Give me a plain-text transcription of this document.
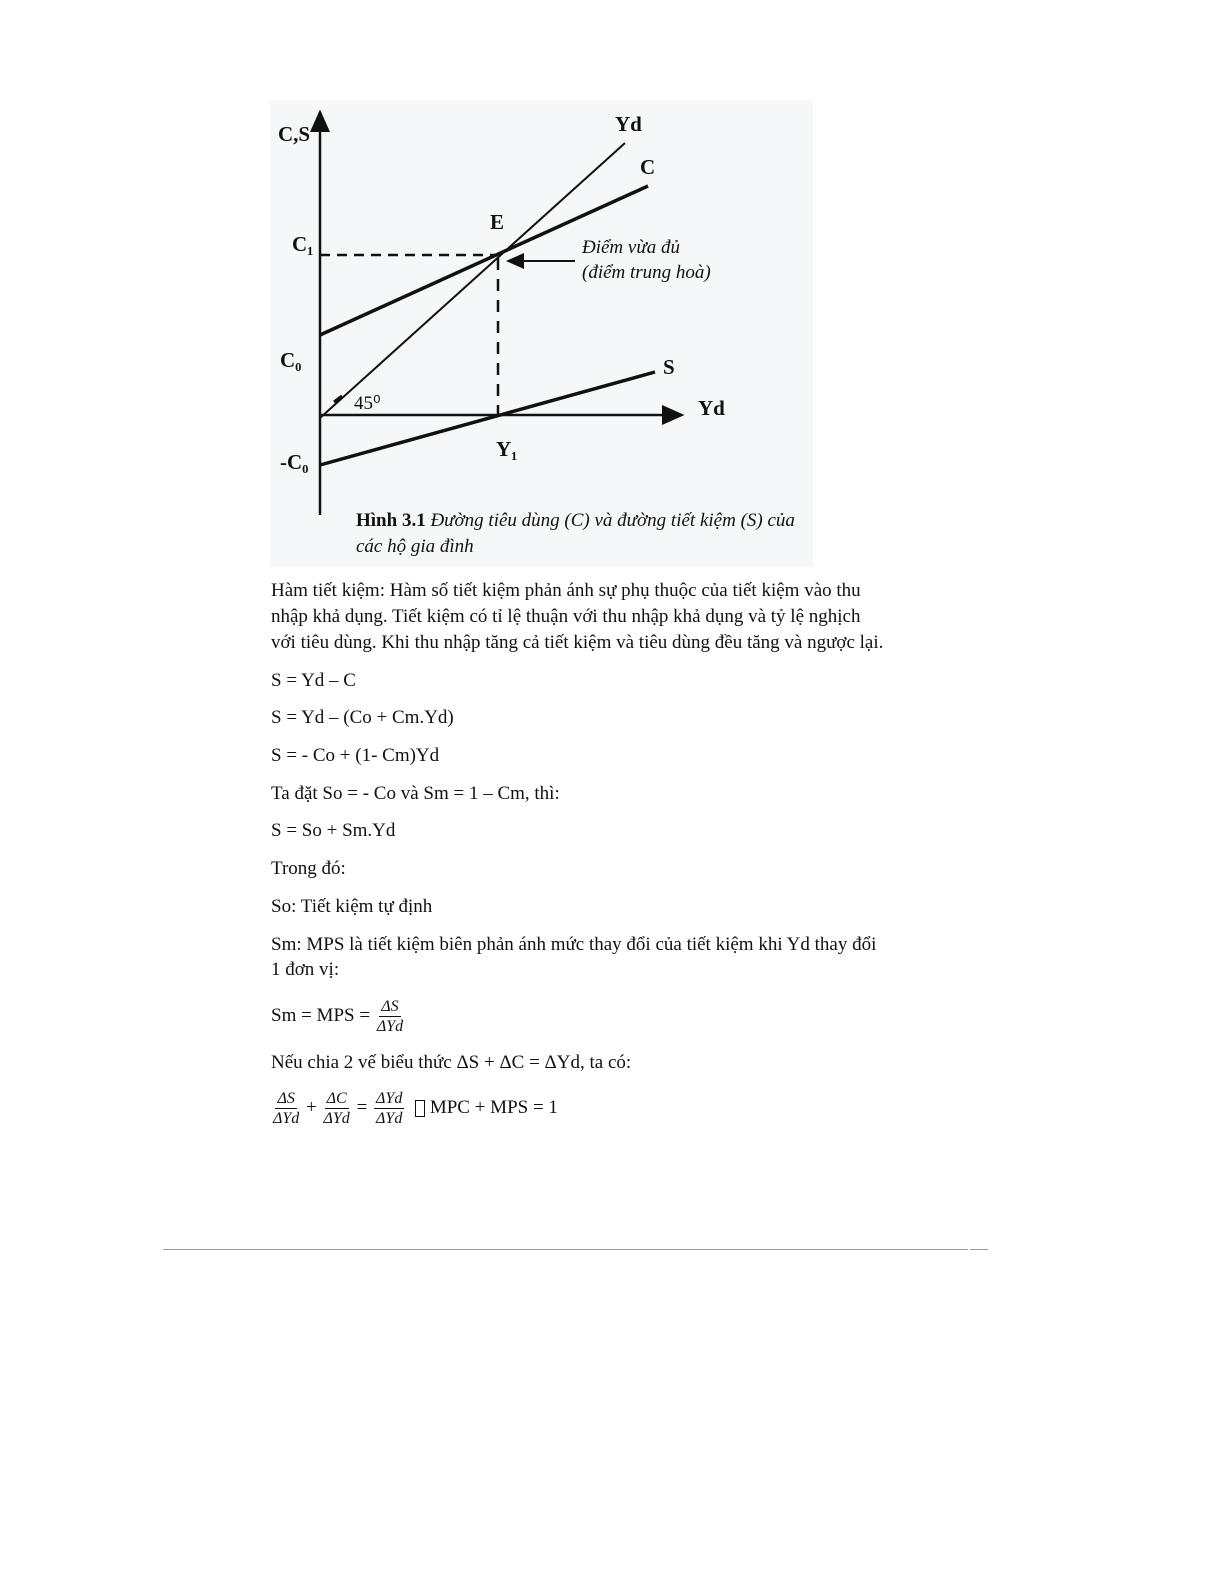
C,S	Yd
C
E
C₁
C₀	S
Yd
Y₁
-C₀
45⁰
Điểm vừa đủ
(điểm trung hoà)
Hình 3.1 Đường tiêu dùng (C) và đường tiết kiệm (S) của các hộ gia đình
Hàm tiết kiệm: Hàm số tiết kiệm phản ánh sự phụ thuộc của tiết kiệm vào thu
nhập khả dụng. Tiết kiệm có tỉ lệ thuận với thu nhập khả dụng và tỷ lệ nghịch
với tiêu dùng. Khi thu nhập tăng cả tiết kiệm và tiêu dùng đều tăng và ngược lại.
S = Yd – C
S = Yd – (Co + Cm.Yd)
S = - Co + (1- Cm)Yd
Ta đặt So = - Co và Sm = 1 – Cm, thì:
S = So + Sm.Yd
Trong đó:
So: Tiết kiệm tự định
Sm: MPS là tiết kiệm biên phản ánh mức thay đổi của tiết kiệm khi Yd thay đổi
1 đơn vị:
Sm = MPS = $\frac{\Delta S}{\text{ΔYd}}$
Nếu chia 2 vế biểu thức ΔS + ΔC = ΔYd, ta có:
$\frac{\Delta S}{\text{ΔYd}} + \frac{\Delta C}{\text{ΔYd}} = \frac{\text{ΔYd}}{\text{ΔYd}}$ MPC + MPS = 1
